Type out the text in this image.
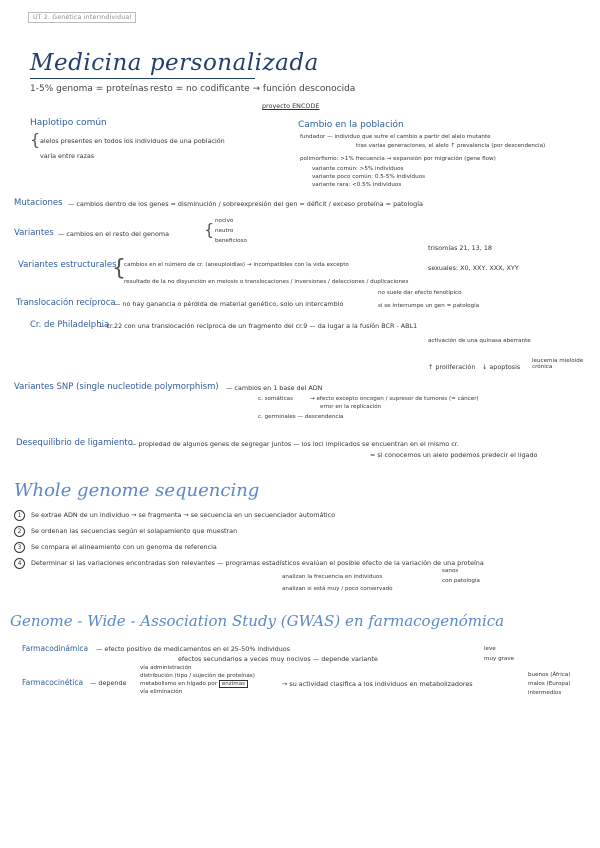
UT 2. Genética interindividual
Medicina personalizada
1-5% genoma = proteínas resto = no codificante → función desconocida
proyecto ENCODE
Haplotipo común
{ alelos presentes en todos los individuos de una población
varía entre razas
Cambio en la población
fundador — individuo que sufre el cambio a partir del alelo mutante
tras varias generaciones, el alelo ↑ prevalencia (por descendencia)
polimorfismo: >1% frecuencia → expansión por migración (gene flow)
variante común: >5% individuos
variante poco común: 0.5-5% individuos
variante rara: <0.5% individuos
Mutaciones — cambios dentro de los genes = disminución / sobreexpresión del gen = déficit / exceso proteína = patología
Variantes — cambios en el resto del genoma { nocivo
neutro
beneficioso
Variantes estructurales
{
cambios en el número de cr. (aneuploidías) → incompatibles con la vida excepto
resultado de la no disyunción en meiosis o translocaciones / inversiones / delecciones / duplicaciones
trisomías 21, 13, 18
sexuales: X0, XXY, XXX, XYY
Translocación recíproca
— no hay ganancia o pérdida de material genético, solo un intercambio
no suele dar efecto fenotípico
si se interrumpe un gen = patología
Cr. de Philadelphia
— cr.22 con una translocación recíproca de un fragmento del cr.9 — da lugar a la fusión BCR - ABL1
activación de una quinasa aberrante
↑ proliferación ↓ apoptosis
leucemia mieloide crónica
Variantes SNP (single nucleotide polymorphism) — cambios en 1 base del ADN
c. somáticas	→ efecto excepto oncogen / supresor de tumores (= cáncer)
error en la replicación
c. germinales — descendencia
Desequilibrio de ligamiento
— propiedad de algunos genes de segregar juntos — los loci implicados se encuentran en el mismo cr.
= si conocemos un alelo podemos predecir el ligado
Whole genome sequencing
1 Se extrae ADN de un individuo → se fragmenta → se secuencia en un secuenciador automático
2 Se ordenan las secuencias según el solapamiento que muestran
3 Se compara el alineamiento con un genoma de referencia
4 Determinar si las variaciones encontradas son relevantes — programas estadísticos evalúan el posible efecto de la variación de una proteína
analizan la frecuencia en individuos
sanos
con patología
analizan si está muy / poco conservado
Genome - Wide - Association Study (GWAS) en farmacogenómica
Farmacodinámica — efecto positivo de medicamentos en el 25-50% individuos
efectos secundarios a veces muy nocivos — depende variante
leve
muy grave
Farmacocinética — depende
vía administración
distribución (tipo / sujeción de proteínas)
metabolismo en hígado por enzimas
vía eliminación
→ su actividad clasifica a los individuos en metabolizadores
buenos (África)
malos (Europa)
intermedios
